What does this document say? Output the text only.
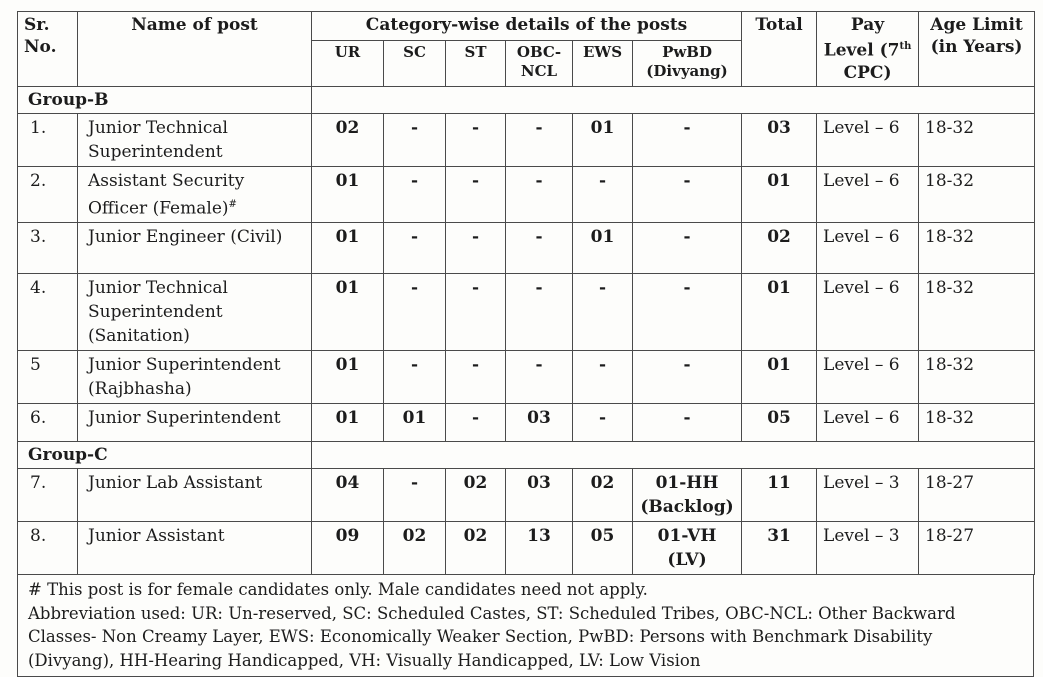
Sr. No.	Name of post	Category-wise details of the posts						Total	Pay Level (7th CPC)	Age Limit (in Years)
		UR	SC	ST	OBC-NCL	EWS	PwBD (Divyang)			
Group-B										
1.	Junior Technical Superintendent	02	-	-	-	01	-	03	Level – 6	18-32
2.	Assistant Security Officer (Female)#	01	-	-	-	-	-	01	Level – 6	18-32
3.	Junior Engineer (Civil)	01	-	-	-	01	-	02	Level – 6	18-32
4.	Junior Technical Superintendent (Sanitation)	01	-	-	-	-	-	01	Level – 6	18-32
5	Junior Superintendent (Rajbhasha)	01	-	-	-	-	-	01	Level – 6	18-32
6.	Junior Superintendent	01	01	-	03	-	-	05	Level – 6	18-32
Group-C										
7.	Junior Lab Assistant	04	-	02	03	02	01-HH (Backlog)	11	Level – 3	18-27
8.	Junior Assistant	09	02	02	13	05	01-VH (LV)	31	Level – 3	18-27
# This post is for female candidates only. Male candidates need not apply.
Abbreviation used: UR: Un-reserved, SC: Scheduled Castes, ST: Scheduled Tribes, OBC-NCL: Other Backward Classes- Non Creamy Layer, EWS: Economically Weaker Section, PwBD: Persons with Benchmark Disability (Divyang), HH-Hearing Handicapped, VH: Visually Handicapped, LV: Low Vision
